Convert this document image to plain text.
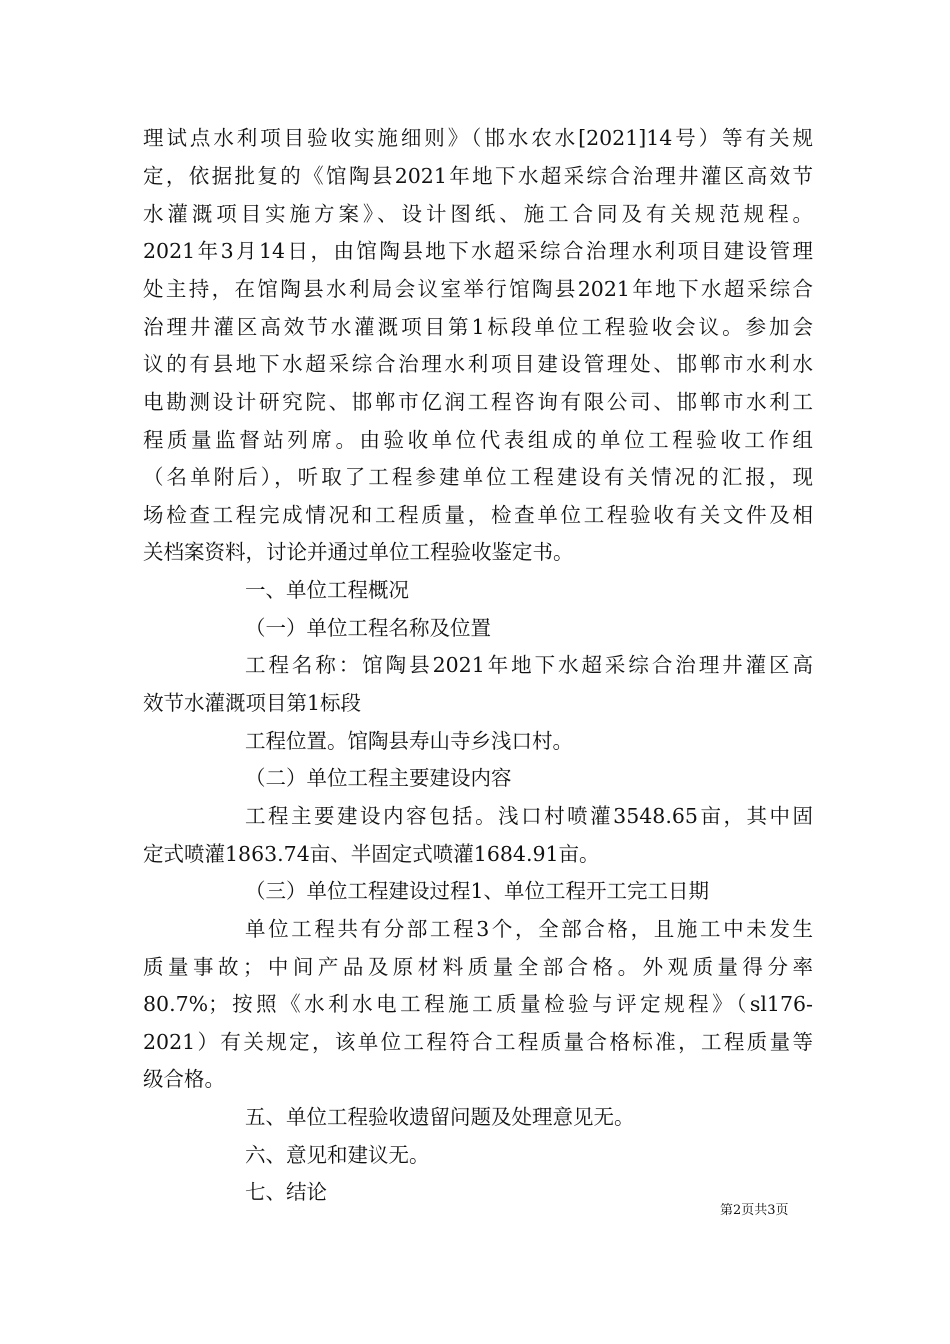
理试点水利项目验收实施细则》（邯水农水[2021]14号）等有关规
定，依据批复的《馆陶县2021年地下水超采综合治理井灌区高效节
水灌溉项目实施方案》、设计图纸、施工合同及有关规范规程。
2021年3月14日，由馆陶县地下水超采综合治理水利项目建设管理
处主持，在馆陶县水利局会议室举行馆陶县2021年地下水超采综合
治理井灌区高效节水灌溉项目第1标段单位工程验收会议。参加会
议的有县地下水超采综合治理水利项目建设管理处、邯郸市水利水
电勘测设计研究院、邯郸市亿润工程咨询有限公司、邯郸市水利工
程质量监督站列席。由验收单位代表组成的单位工程验收工作组
（名单附后），听取了工程参建单位工程建设有关情况的汇报，现
场检查工程完成情况和工程质量，检查单位工程验收有关文件及相
关档案资料，讨论并通过单位工程验收鉴定书。
一、单位工程概况
（一）单位工程名称及位置
工程名称：馆陶县2021年地下水超采综合治理井灌区高
效节水灌溉项目第1标段
工程位置。馆陶县寿山寺乡浅口村。
（二）单位工程主要建设内容
工程主要建设内容包括。浅口村喷灌3548.65亩，其中固
定式喷灌1863.74亩、半固定式喷灌1684.91亩。
（三）单位工程建设过程1、单位工程开工完工日期
单位工程共有分部工程3个，全部合格，且施工中未发生
质量事故；中间产品及原材料质量全部合格。外观质量得分率
80.7%；按照《水利水电工程施工质量检验与评定规程》（sl176-
2021）有关规定，该单位工程符合工程质量合格标准，工程质量等
级合格。
五、单位工程验收遗留问题及处理意见无。
六、意见和建议无。
七、结论
第2页共3页
